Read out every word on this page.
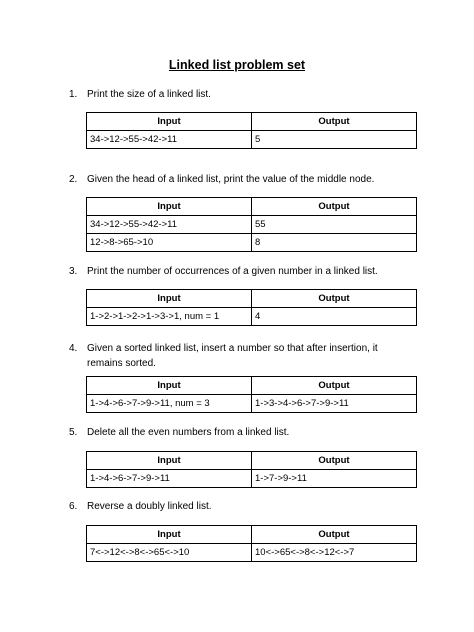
Linked list problem set
1. Print the size of a linked list.
Input	Output
34->12->55->42->11	5
2. Given the head of a linked list, print the value of the middle node.
Input	Output
34->12->55->42->11	55
12->8->65->10	8
3. Print the number of occurrences of a given number in a linked list.
Input	Output
1->2->1->2->1->3->1, num = 1	4
4. Given a sorted linked list, insert a number so that after insertion, it remains sorted.
Input	Output
1->4->6->7->9->11, num = 3	1->3->4->6->7->9->11
5. Delete all the even numbers from a linked list.
Input	Output
1->4->6->7->9->11	1->7->9->11
6. Reverse a doubly linked list.
Input	Output
7<->12<->8<->65<->10	10<->65<->8<->12<->7
